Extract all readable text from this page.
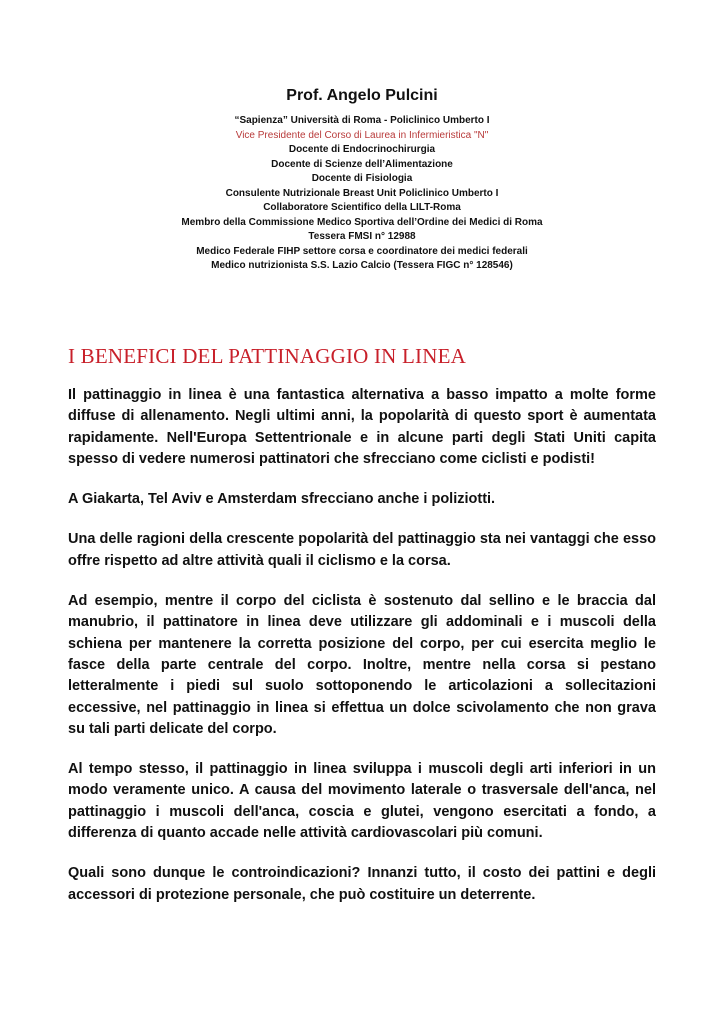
Prof. Angelo Pulcini

“Sapienza” Università di Roma - Policlinico Umberto I

Vice Presidente del Corso di Laurea in Infermieristica "N"

Docente di Endocrinochirurgia

Docente di Scienze dell’Alimentazione

Docente di Fisiologia

Consulente Nutrizionale Breast Unit Policlinico Umberto I

Collaboratore Scientifico della LILT-Roma

Membro della Commissione Medico Sportiva dell’Ordine dei Medici di Roma

Tessera FMSI n° 12988

Medico Federale FIHP settore corsa e coordinatore dei medici federali

Medico nutrizionista S.S. Lazio Calcio (Tessera FIGC n° 128546)

I BENEFICI DEL PATTINAGGIO IN LINEA

Il pattinaggio in linea è una fantastica alternativa a basso impatto a molte forme diffuse di allenamento. Negli ultimi anni, la popolarità di questo sport è aumentata rapidamente. Nell'Europa Settentrionale e in alcune parti degli Stati Uniti capita spesso di vedere numerosi pattinatori che sfrecciano come ciclisti e podisti!

A Giakarta, Tel Aviv e Amsterdam sfrecciano anche i poliziotti.

Una delle ragioni della crescente popolarità del pattinaggio sta nei vantaggi che esso offre rispetto ad altre attività quali il ciclismo e la corsa.

Ad esempio, mentre il corpo del ciclista è sostenuto dal sellino e le braccia dal manubrio, il pattinatore in linea deve utilizzare gli addominali e i muscoli della schiena per mantenere la corretta posizione del corpo, per cui esercita meglio le fasce della parte centrale del corpo. Inoltre, mentre nella corsa si pestano letteralmente i piedi sul suolo sottoponendo le articolazioni a sollecitazioni eccessive, nel pattinaggio in linea si effettua un dolce scivolamento che non grava su tali parti delicate del corpo.

Al tempo stesso, il pattinaggio in linea sviluppa i muscoli degli arti inferiori in un modo veramente unico. A causa del movimento laterale o trasversale dell'anca, nel pattinaggio i muscoli dell'anca, coscia e glutei, vengono esercitati a fondo, a differenza di quanto accade nelle attività cardiovascolari più comuni.

Quali sono dunque le controindicazioni? Innanzi tutto, il costo dei pattini e degli accessori di protezione personale, che può costituire un deterrente.
